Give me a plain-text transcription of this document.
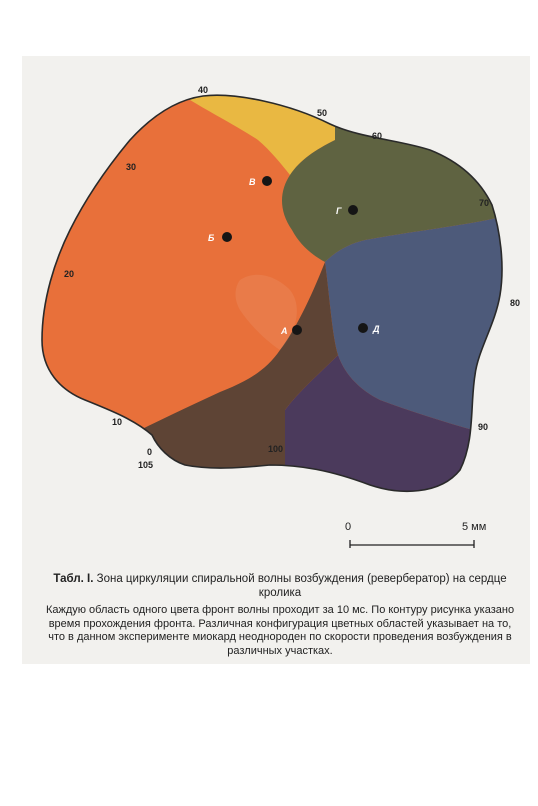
40
50
60
30
70
20
80
10	90
0
105
100
В
Г
Б
А	Д
0	5 мм

Табл. I. Зона циркуляции спиральной волны возбуждения (ревербератор) на сердце кролика

Каждую область одного цвета фронт волны проходит за 10 мс. По контуру рисунка указано время прохождения фронта. Различная конфигурация цветных областей указывает на то, что в данном эксперименте миокард неоднороден по скорости проведения возбуждения в различных участках.
